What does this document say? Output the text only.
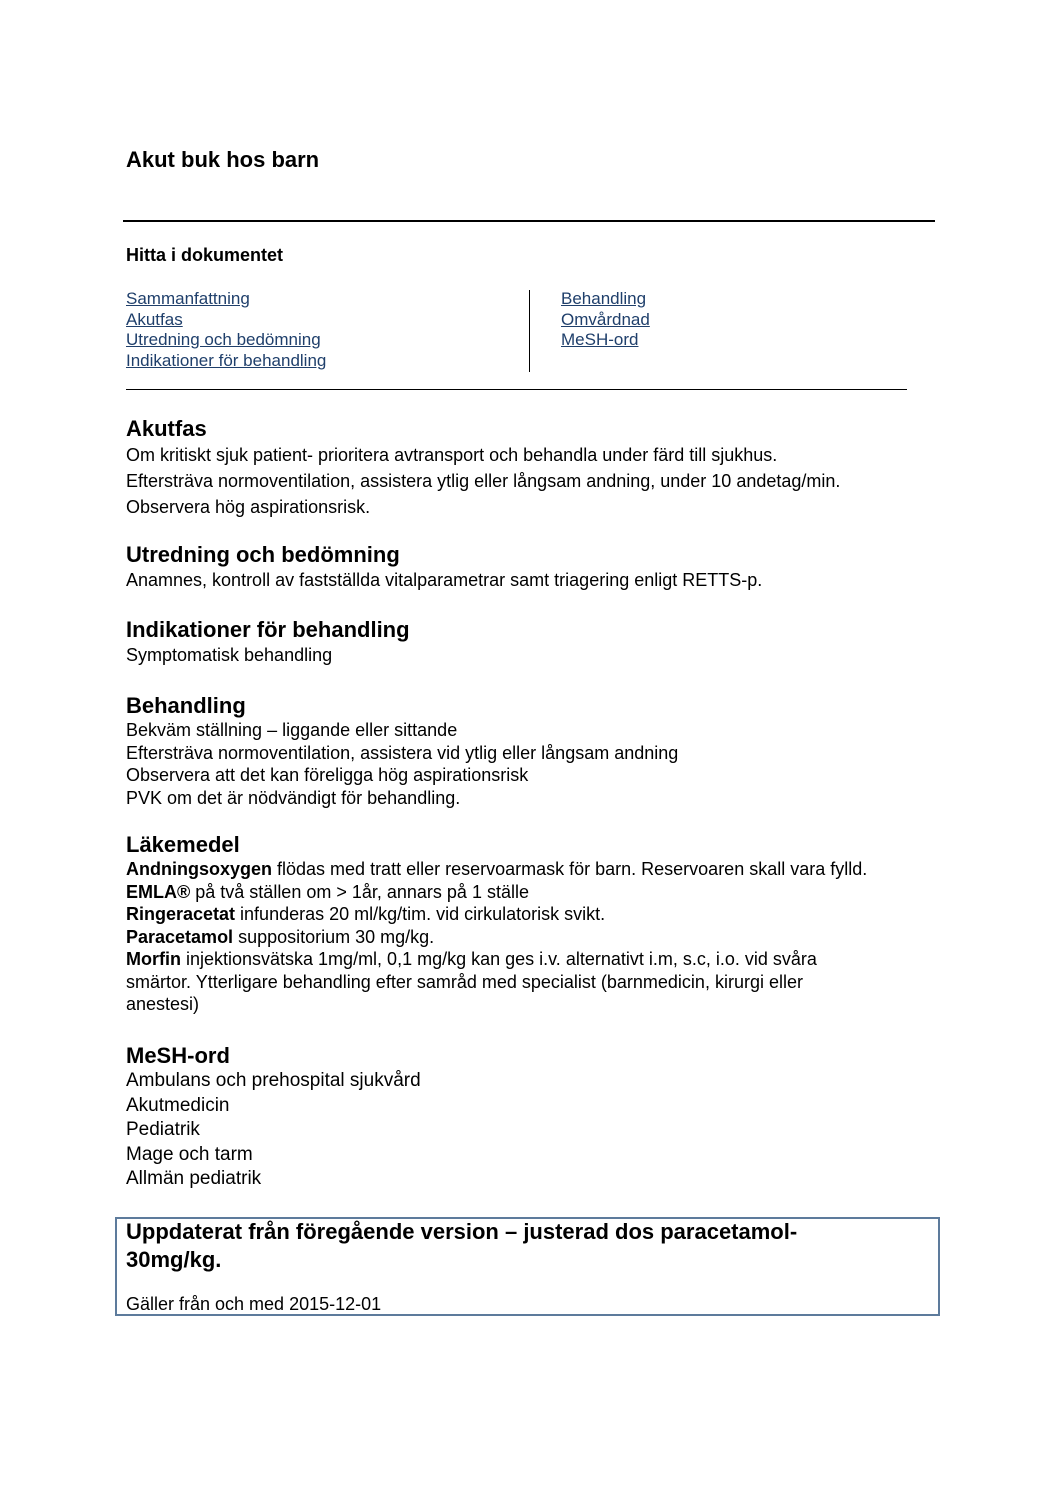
Akut buk hos barn
Hitta i dokumentet
Sammanfattning
Akutfas
Utredning och bedömning
Indikationer för behandling
Behandling
Omvårdnad
MeSH-ord
Akutfas
Om kritiskt sjuk patient- prioritera avtransport och behandla under färd till sjukhus.
Eftersträva normoventilation, assistera ytlig eller långsam andning, under 10 andetag/min.
Observera hög aspirationsrisk.
Utredning och bedömning
Anamnes, kontroll av fastställda vitalparametrar samt triagering enligt RETTS-p.
Indikationer för behandling
Symptomatisk behandling
Behandling
Bekväm ställning – liggande eller sittande
Eftersträva normoventilation, assistera vid ytlig eller långsam andning
Observera att det kan föreligga hög aspirationsrisk
PVK om det är nödvändigt för behandling.
Läkemedel
Andningsoxygen flödas med tratt eller reservoarmask för barn. Reservoaren skall vara fylld.
EMLA® på två ställen om > 1år, annars på 1 ställe
Ringeracetat infunderas 20 ml/kg/tim. vid cirkulatorisk svikt.
Paracetamol suppositorium 30 mg/kg.
Morfin injektionsvätska 1mg/ml, 0,1 mg/kg kan ges i.v. alternativt i.m, s.c, i.o. vid svåra
smärtor. Ytterligare behandling efter samråd med specialist (barnmedicin, kirurgi eller
anestesi)
MeSH-ord
Ambulans och prehospital sjukvård
Akutmedicin
Pediatrik
Mage och tarm
Allmän pediatrik
Uppdaterat från föregående version – justerad dos paracetamol-30mg/kg.
Gäller från och med 2015-12-01
